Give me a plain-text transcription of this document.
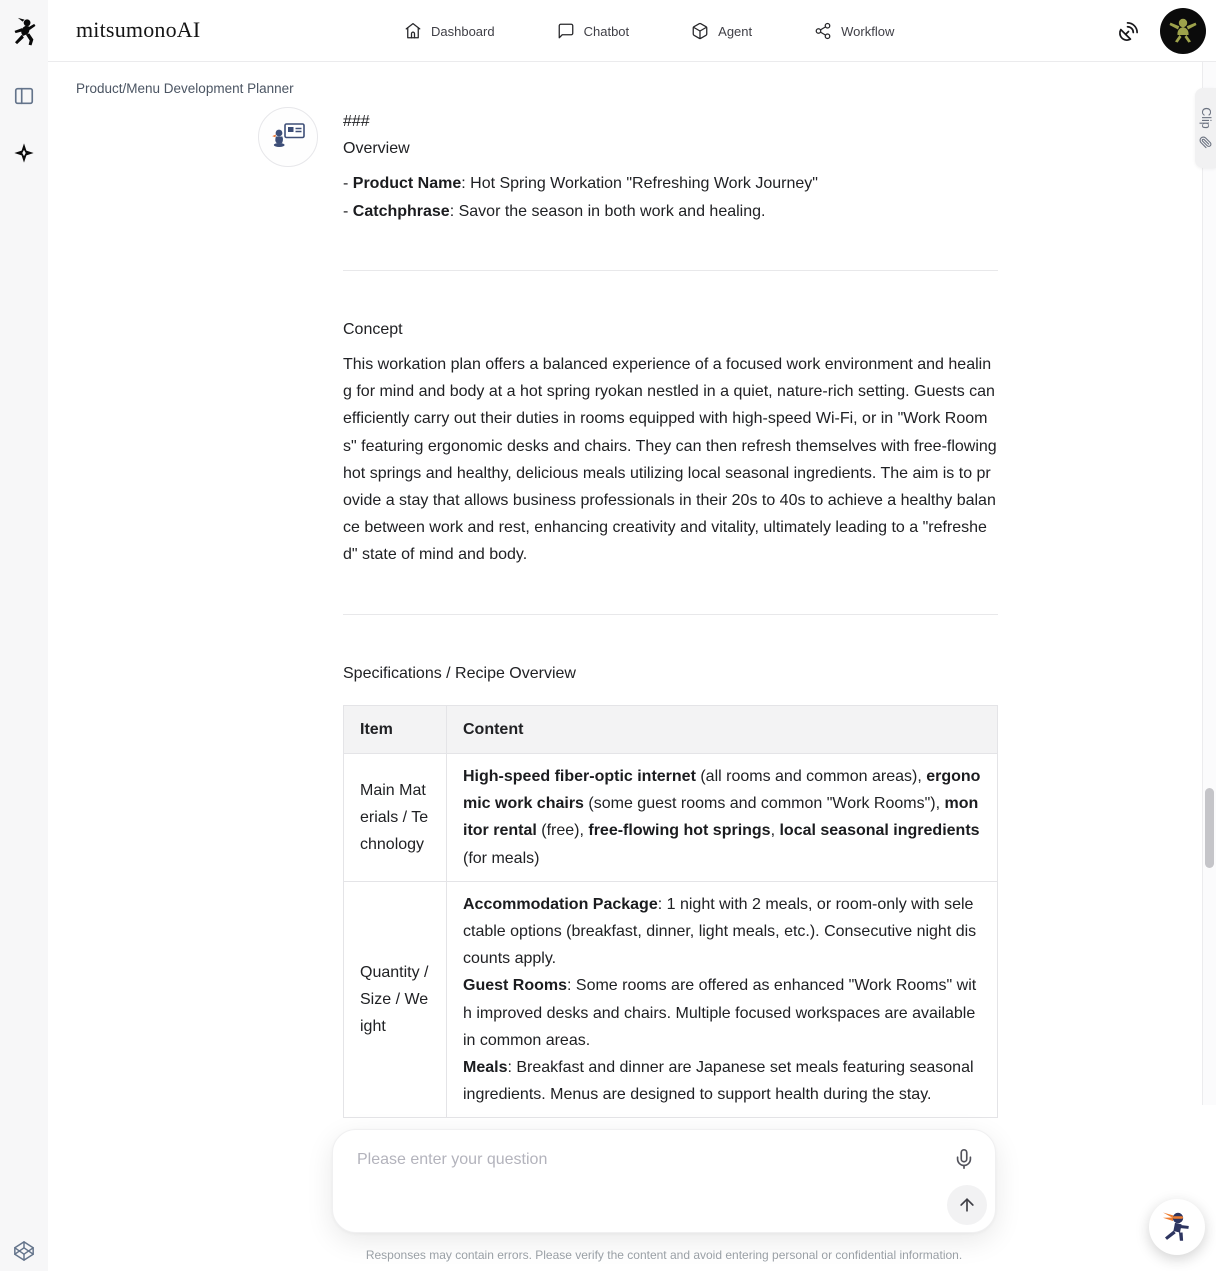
mitsumonoAI	Dashboard	Chatbot	Agent	Workflow
Product/Menu Development Planner
###
Overview

- Product Name: Hot Spring Workation "Refreshing Work Journey"

- Catchphrase: Savor the season in both work and healing.

Concept

This workation plan offers a balanced experience of a focused work environment and healing for mind and body at a hot spring ryokan nestled in a quiet, nature-rich setting. Guests can efficiently carry out their duties in rooms equipped with high-speed Wi-Fi, or in "Work Rooms" featuring ergonomic desks and chairs. They can then refresh themselves with free-flowing hot springs and healthy, delicious meals utilizing local seasonal ingredients. The aim is to provide a stay that allows business professionals in their 20s to 40s to achieve a healthy balance between work and rest, enhancing creativity and vitality, ultimately leading to a "refreshed" state of mind and body.

Specifications / Recipe Overview

Item	Content
Main Materials / Technology	High-speed fiber-optic internet (all rooms and common areas), ergonomic work chairs (some guest rooms and common "Work Rooms"), monitor rental (free), free-flowing hot springs, local seasonal ingredients (for meals)
Quantity / Size / Weight	Accommodation Package: 1 night with 2 meals, or room-only with selectable options (breakfast, dinner, light meals, etc.). Consecutive night discounts apply.
Guest Rooms: Some rooms are offered as enhanced "Work Rooms" with improved desks and chairs. Multiple focused workspaces are available in common areas.
Meals: Breakfast and dinner are Japanese set meals featuring seasonal ingredients. Menus are designed to support health during the stay.
Clip
Please enter your question
Responses may contain errors. Please verify the content and avoid entering personal or confidential information.
